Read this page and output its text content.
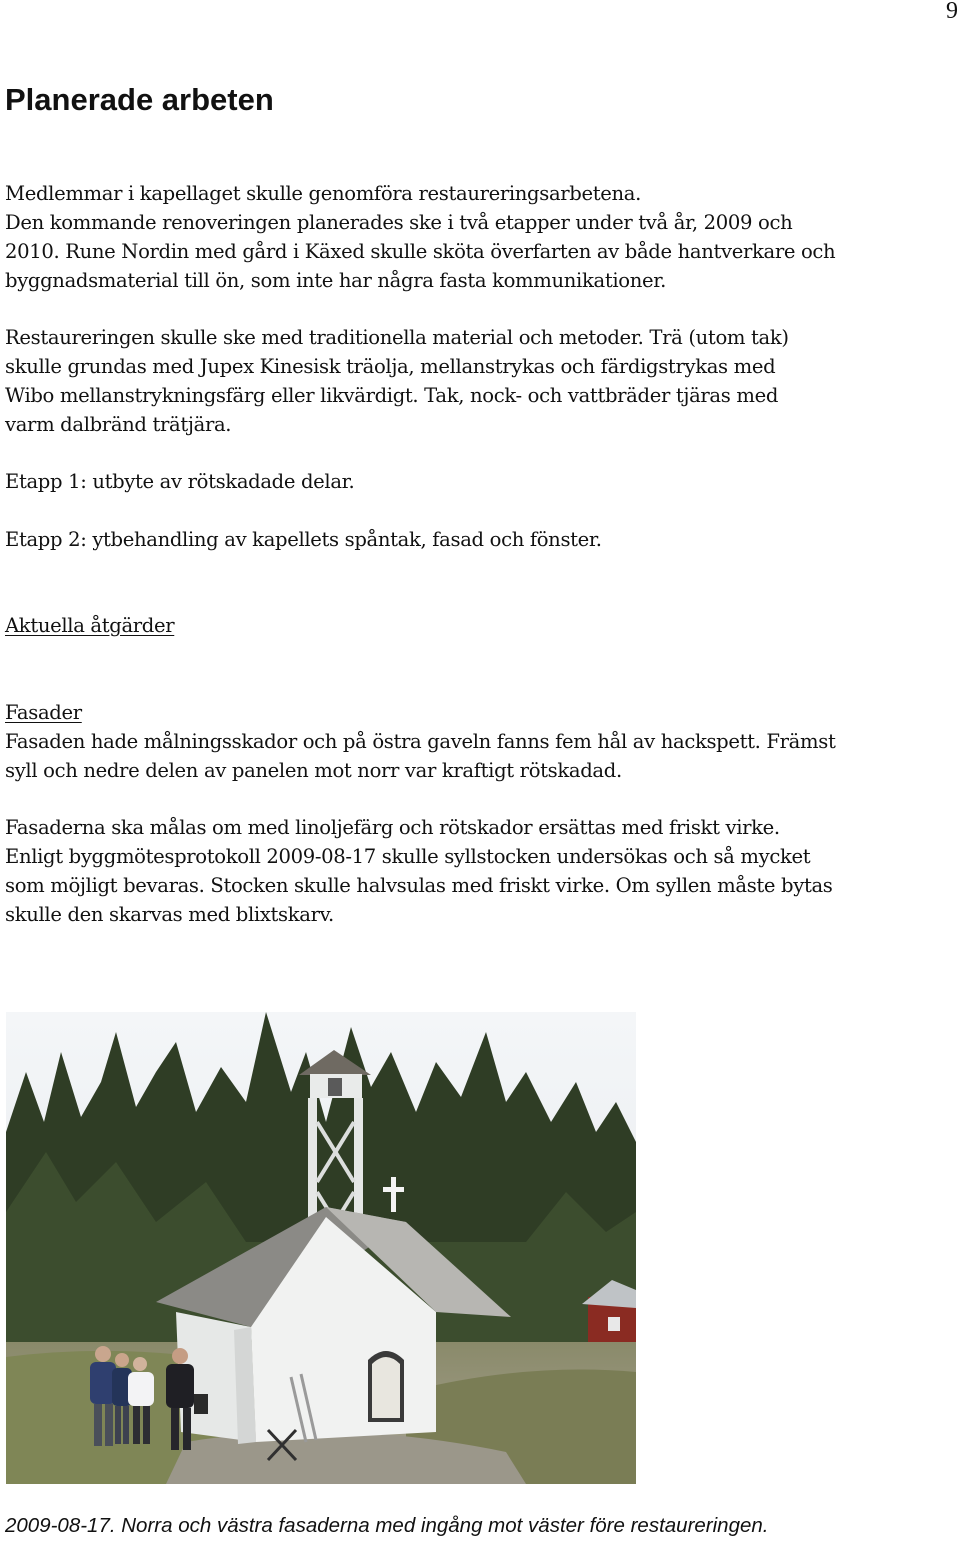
9
Planerade arbeten

Medlemmar i kapellaget skulle genomföra restaureringsarbetena.
Den kommande renoveringen planerades ske i två etapper under två år, 2009 och
2010. Rune Nordin med gård i Käxed skulle sköta överfarten av både hantverkare och
byggnadsmaterial till ön, som inte har några fasta kommunikationer.

Restaureringen skulle ske med traditionella material och metoder. Trä (utom tak)
skulle grundas med Jupex Kinesisk träolja, mellanstrykas och färdigstrykas med
Wibo mellanstrykningsfärg eller likvärdigt. Tak, nock- och vattbräder tjäras med
varm dalbränd trätjära.

Etapp 1: utbyte av rötskadade delar.

Etapp 2: ytbehandling av kapellets spåntak, fasad och fönster.

Aktuella åtgärder

Fasader

Fasaden hade målningsskador och på östra gaveln fanns fem hål av hackspett. Främst
syll och nedre delen av panelen mot norr var kraftigt rötskadad.

Fasaderna ska målas om med linoljefärg och rötskador ersättas med friskt virke.
Enligt byggmötesprotokoll 2009-08-17 skulle syllstocken undersökas och så mycket
som möjligt bevaras. Stocken skulle halvsulas med friskt virke. Om syllen måste bytas
skulle den skarvas med blixtskarv.

2009-08-17. Norra och västra fasaderna med ingång mot väster före restaureringen.
